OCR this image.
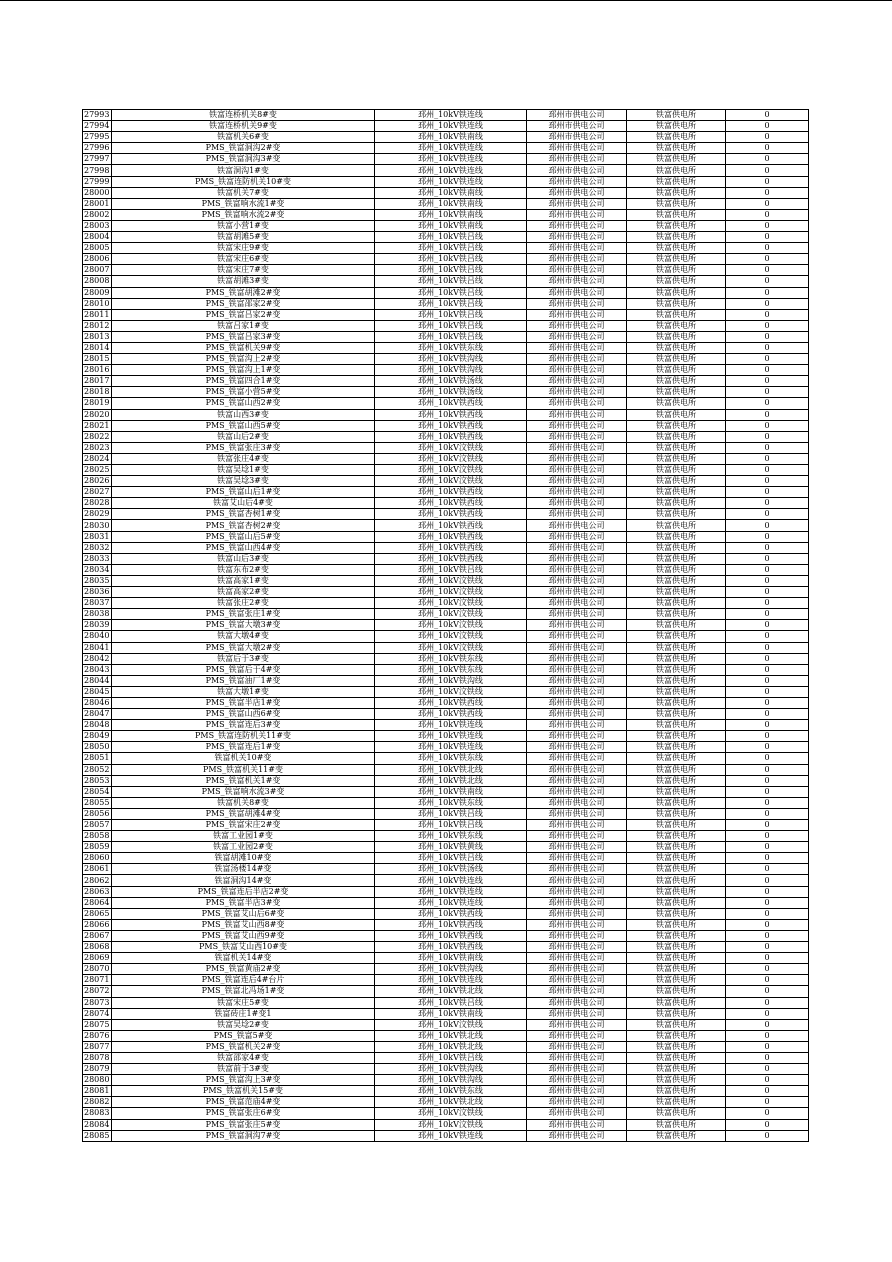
27993	铁富连桥机关8#变	邳州_10kV铁连线	邳州市供电公司	铁富供电所	0
27994	铁富连桥机关9#变	邳州_10kV铁连线	邳州市供电公司	铁富供电所	0
27995	铁富机关6#变	邳州_10kV铁南线	邳州市供电公司	铁富供电所	0
27996	PMS_铁富洞沟2#变	邳州_10kV铁连线	邳州市供电公司	铁富供电所	0
27997	PMS_铁富洞沟3#变	邳州_10kV铁连线	邳州市供电公司	铁富供电所	0
27998	铁富洞沟1#变	邳州_10kV铁连线	邳州市供电公司	铁富供电所	0
27999	PMS_铁富连防机关10#变	邳州_10kV铁连线	邳州市供电公司	铁富供电所	0
28000	铁富机关7#变	邳州_10kV铁南线	邳州市供电公司	铁富供电所	0
28001	PMS_铁富响水流1#变	邳州_10kV铁南线	邳州市供电公司	铁富供电所	0
28002	PMS_铁富响水流2#变	邳州_10kV铁南线	邳州市供电公司	铁富供电所	0
28003	铁富小营1#变	邳州_10kV铁南线	邳州市供电公司	铁富供电所	0
28004	铁富胡滩5#变	邳州_10kV铁吕线	邳州市供电公司	铁富供电所	0
28005	铁富宋庄9#变	邳州_10kV铁吕线	邳州市供电公司	铁富供电所	0
28006	铁富宋庄6#变	邳州_10kV铁吕线	邳州市供电公司	铁富供电所	0
28007	铁富宋庄7#变	邳州_10kV铁吕线	邳州市供电公司	铁富供电所	0
28008	铁富胡滩3#变	邳州_10kV铁吕线	邳州市供电公司	铁富供电所	0
28009	PMS_铁富胡滩2#变	邳州_10kV铁吕线	邳州市供电公司	铁富供电所	0
28010	PMS_铁富邵家2#变	邳州_10kV铁吕线	邳州市供电公司	铁富供电所	0
28011	PMS_铁富吕家2#变	邳州_10kV铁吕线	邳州市供电公司	铁富供电所	0
28012	铁富吕家1#变	邳州_10kV铁吕线	邳州市供电公司	铁富供电所	0
28013	PMS_铁富吕家3#变	邳州_10kV铁吕线	邳州市供电公司	铁富供电所	0
28014	PMS_铁富机关9#变	邳州_10kV铁东线	邳州市供电公司	铁富供电所	0
28015	PMS_铁富沟上2#变	邳州_10kV铁沟线	邳州市供电公司	铁富供电所	0
28016	PMS_铁富沟上1#变	邳州_10kV铁沟线	邳州市供电公司	铁富供电所	0
28017	PMS_铁富四合1#变	邳州_10kV铁汤线	邳州市供电公司	铁富供电所	0
28018	PMS_铁富小营5#变	邳州_10kV铁汤线	邳州市供电公司	铁富供电所	0
28019	PMS_铁富山西2#变	邳州_10kV铁西线	邳州市供电公司	铁富供电所	0
28020	铁富山西3#变	邳州_10kV铁西线	邳州市供电公司	铁富供电所	0
28021	PMS_铁富山西5#变	邳州_10kV铁西线	邳州市供电公司	铁富供电所	0
28022	铁富山后2#变	邳州_10kV铁西线	邳州市供电公司	铁富供电所	0
28023	PMS_铁富张庄3#变	邳州_10kV汶铁线	邳州市供电公司	铁富供电所	0
28024	铁富张庄4#变	邳州_10kV汶铁线	邳州市供电公司	铁富供电所	0
28025	铁富吴埝1#变	邳州_10kV汶铁线	邳州市供电公司	铁富供电所	0
28026	铁富吴埝3#变	邳州_10kV汶铁线	邳州市供电公司	铁富供电所	0
28027	PMS_铁富山后1#变	邳州_10kV铁西线	邳州市供电公司	铁富供电所	0
28028	铁富艾山后4#变	邳州_10kV铁西线	邳州市供电公司	铁富供电所	0
28029	PMS_铁富杏树1#变	邳州_10kV铁西线	邳州市供电公司	铁富供电所	0
28030	PMS_铁富杏树2#变	邳州_10kV铁西线	邳州市供电公司	铁富供电所	0
28031	PMS_铁富山后5#变	邳州_10kV铁西线	邳州市供电公司	铁富供电所	0
28032	PMS_铁富山西4#变	邳州_10kV铁西线	邳州市供电公司	铁富供电所	0
28033	铁富山后3#变	邳州_10kV铁西线	邳州市供电公司	铁富供电所	0
28034	铁富东布2#变	邳州_10kV铁吕线	邳州市供电公司	铁富供电所	0
28035	铁富高家1#变	邳州_10kV汶铁线	邳州市供电公司	铁富供电所	0
28036	铁富高家2#变	邳州_10kV汶铁线	邳州市供电公司	铁富供电所	0
28037	铁富张庄2#变	邳州_10kV汶铁线	邳州市供电公司	铁富供电所	0
28038	PMS_铁富张庄1#变	邳州_10kV汶铁线	邳州市供电公司	铁富供电所	0
28039	PMS_铁富大墩3#变	邳州_10kV汶铁线	邳州市供电公司	铁富供电所	0
28040	铁富大墩4#变	邳州_10kV汶铁线	邳州市供电公司	铁富供电所	0
28041	PMS_铁富大墩2#变	邳州_10kV汶铁线	邳州市供电公司	铁富供电所	0
28042	铁富后于3#变	邳州_10kV铁东线	邳州市供电公司	铁富供电所	0
28043	PMS_铁富后于4#变	邳州_10kV铁东线	邳州市供电公司	铁富供电所	0
28044	PMS_铁富油厂1#变	邳州_10kV铁沟线	邳州市供电公司	铁富供电所	0
28045	铁富大墩1#变	邳州_10kV汶铁线	邳州市供电公司	铁富供电所	0
28046	PMS_铁富半店1#变	邳州_10kV铁西线	邳州市供电公司	铁富供电所	0
28047	PMS_铁富山西6#变	邳州_10kV铁西线	邳州市供电公司	铁富供电所	0
28048	PMS_铁富连后3#变	邳州_10kV铁连线	邳州市供电公司	铁富供电所	0
28049	PMS_铁富连防机关11#变	邳州_10kV铁连线	邳州市供电公司	铁富供电所	0
28050	PMS_铁富连后1#变	邳州_10kV铁连线	邳州市供电公司	铁富供电所	0
28051	铁富机关10#变	邳州_10kV铁东线	邳州市供电公司	铁富供电所	0
28052	PMS_铁富机关11#变	邳州_10kV铁北线	邳州市供电公司	铁富供电所	0
28053	PMS_铁富机关1#变	邳州_10kV铁北线	邳州市供电公司	铁富供电所	0
28054	PMS_铁富响水流3#变	邳州_10kV铁南线	邳州市供电公司	铁富供电所	0
28055	铁富机关8#变	邳州_10kV铁东线	邳州市供电公司	铁富供电所	0
28056	PMS_铁富胡滩4#变	邳州_10kV铁吕线	邳州市供电公司	铁富供电所	0
28057	PMS_铁富宋庄2#变	邳州_10kV铁吕线	邳州市供电公司	铁富供电所	0
28058	铁富工业园1#变	邳州_10kV铁东线	邳州市供电公司	铁富供电所	0
28059	铁富工业园2#变	邳州_10kV铁黄线	邳州市供电公司	铁富供电所	0
28060	铁富胡滩10#变	邳州_10kV铁吕线	邳州市供电公司	铁富供电所	0
28061	铁富汤楼14#变	邳州_10kV铁汤线	邳州市供电公司	铁富供电所	0
28062	铁富洞沟14#变	邳州_10kV铁连线	邳州市供电公司	铁富供电所	0
28063	PMS_铁富连后半店2#变	邳州_10kV铁连线	邳州市供电公司	铁富供电所	0
28064	PMS_铁富半店3#变	邳州_10kV铁连线	邳州市供电公司	铁富供电所	0
28065	PMS_铁富艾山后6#变	邳州_10kV铁西线	邳州市供电公司	铁富供电所	0
28066	PMS_铁富艾山西8#变	邳州_10kV铁西线	邳州市供电公司	铁富供电所	0
28067	PMS_铁富艾山西9#变	邳州_10kV铁西线	邳州市供电公司	铁富供电所	0
28068	PMS_铁富艾山西10#变	邳州_10kV铁西线	邳州市供电公司	铁富供电所	0
28069	铁富机关14#变	邳州_10kV铁南线	邳州市供电公司	铁富供电所	0
28070	PMS_铁富黄庙2#变	邳州_10kV铁沟线	邳州市供电公司	铁富供电所	0
28071	PMS_铁富连后4#台片	邳州_10kV铁连线	邳州市供电公司	铁富供电所	0
28072	PMS_铁富北冯场1#变	邳州_10kV铁北线	邳州市供电公司	铁富供电所	0
28073	铁富宋庄5#变	邳州_10kV铁吕线	邳州市供电公司	铁富供电所	0
28074	铁富砖庄1#变1	邳州_10kV铁南线	邳州市供电公司	铁富供电所	0
28075	铁富吴埝2#变	邳州_10kV汶铁线	邳州市供电公司	铁富供电所	0
28076	PMS_铁富5#变	邳州_10kV铁北线	邳州市供电公司	铁富供电所	0
28077	PMS_铁富机关2#变	邳州_10kV铁北线	邳州市供电公司	铁富供电所	0
28078	铁富邵家4#变	邳州_10kV铁吕线	邳州市供电公司	铁富供电所	0
28079	铁富前于3#变	邳州_10kV铁沟线	邳州市供电公司	铁富供电所	0
28080	PMS_铁富沟上3#变	邳州_10kV铁沟线	邳州市供电公司	铁富供电所	0
28081	PMS_铁富机关15#变	邳州_10kV铁东线	邳州市供电公司	铁富供电所	0
28082	PMS_铁富范庙4#变	邳州_10kV铁北线	邳州市供电公司	铁富供电所	0
28083	PMS_铁富张庄6#变	邳州_10kV汶铁线	邳州市供电公司	铁富供电所	0
28084	PMS_铁富张庄5#变	邳州_10kV汶铁线	邳州市供电公司	铁富供电所	0
28085	PMS_铁富洞沟7#变	邳州_10kV铁连线	邳州市供电公司	铁富供电所	0
